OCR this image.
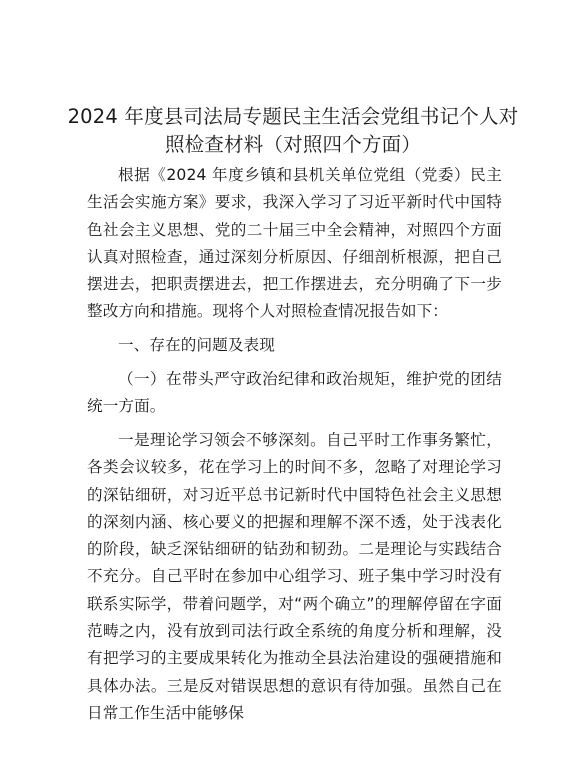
2024 年度县司法局专题民主生活会党组书记个人对照检查材料（对照四个方面）

根据《2024 年度乡镇和县机关单位党组（党委）民主生活会实施方案》要求，我深入学习了习近平新时代中国特色社会主义思想、党的二十届三中全会精神，对照四个方面认真对照检查，通过深刻分析原因、仔细剖析根源，把自己摆进去，把职责摆进去，把工作摆进去，充分明确了下一步整改方向和措施。现将个人对照检查情况报告如下：

一、存在的问题及表现

（一）在带头严守政治纪律和政治规矩，维护党的团结统一方面。

一是理论学习领会不够深刻。自己平时工作事务繁忙，各类会议较多，花在学习上的时间不多，忽略了对理论学习的深钻细研，对习近平总书记新时代中国特色社会主义思想的深刻内涵、核心要义的把握和理解不深不透，处于浅表化的阶段，缺乏深钻细研的钻劲和韧劲。二是理论与实践结合不充分。自己平时在参加中心组学习、班子集中学习时没有联系实际学，带着问题学，对“两个确立”的理解停留在字面范畴之内，没有放到司法行政全系统的角度分析和理解，没有把学习的主要成果转化为推动全县法治建设的强硬措施和具体办法。三是反对错误思想的意识有待加强。虽然自己在日常工作生活中能够保
